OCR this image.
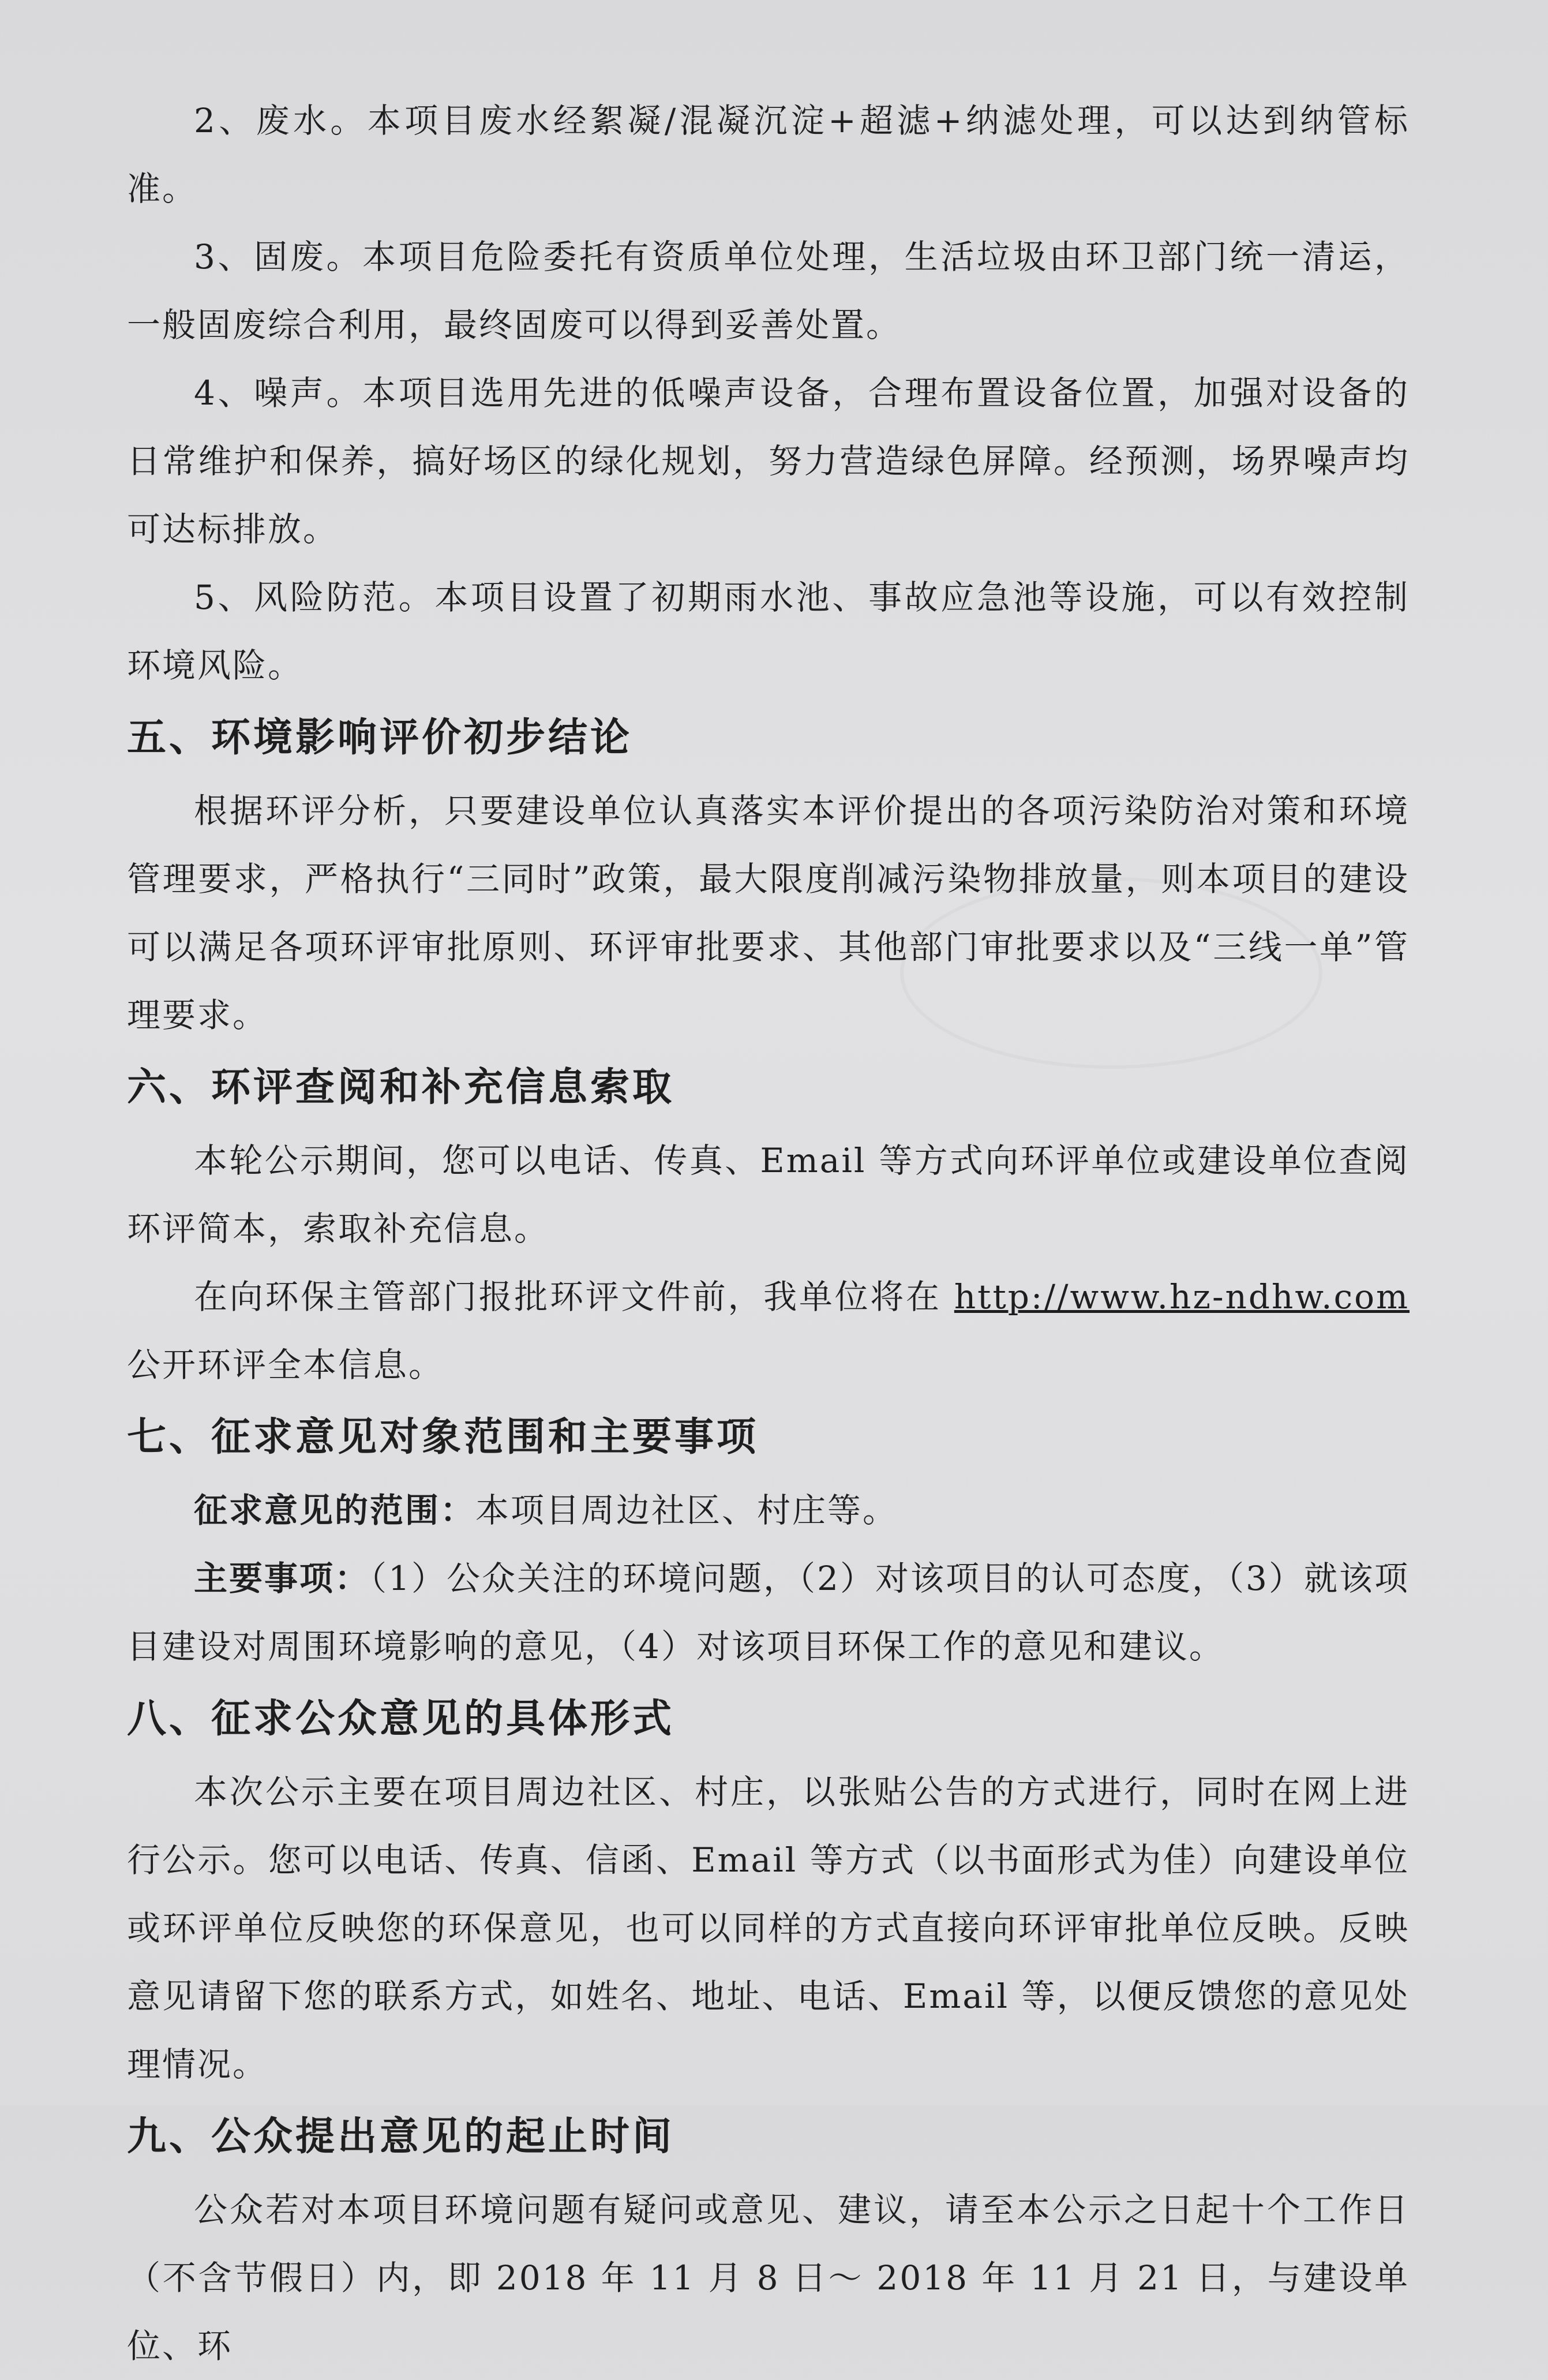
2、废水。本项目废水经絮凝/混凝沉淀+超滤+纳滤处理，可以达到纳管标准。

3、固废。本项目危险委托有资质单位处理，生活垃圾由环卫部门统一清运，一般固废综合利用，最终固废可以得到妥善处置。

4、噪声。本项目选用先进的低噪声设备，合理布置设备位置，加强对设备的日常维护和保养，搞好场区的绿化规划，努力营造绿色屏障。经预测，场界噪声均可达标排放。

5、风险防范。本项目设置了初期雨水池、事故应急池等设施，可以有效控制环境风险。

五、环境影响评价初步结论

根据环评分析，只要建设单位认真落实本评价提出的各项污染防治对策和环境管理要求，严格执行“三同时”政策，最大限度削减污染物排放量，则本项目的建设可以满足各项环评审批原则、环评审批要求、其他部门审批要求以及“三线一单”管理要求。

六、环评查阅和补充信息索取

本轮公示期间，您可以电话、传真、Email 等方式向环评单位或建设单位查阅环评简本，索取补充信息。

在向环保主管部门报批环评文件前，我单位将在 http://www.hz-ndhw.com 公开环评全本信息。

七、征求意见对象范围和主要事项

征求意见的范围：本项目周边社区、村庄等。

主要事项：（1）公众关注的环境问题，（2）对该项目的认可态度，（3）就该项目建设对周围环境影响的意见，（4）对该项目环保工作的意见和建议。

八、征求公众意见的具体形式

本次公示主要在项目周边社区、村庄，以张贴公告的方式进行，同时在网上进行公示。您可以电话、传真、信函、Email 等方式（以书面形式为佳）向建设单位或环评单位反映您的环保意见，也可以同样的方式直接向环评审批单位反映。反映意见请留下您的联系方式，如姓名、地址、电话、Email 等，以便反馈您的意见处理情况。

九、公众提出意见的起止时间

公众若对本项目环境问题有疑问或意见、建议，请至本公示之日起十个工作日（不含节假日）内，即 2018 年 11 月 8 日～ 2018 年 11 月 21 日，与建设单位、环
